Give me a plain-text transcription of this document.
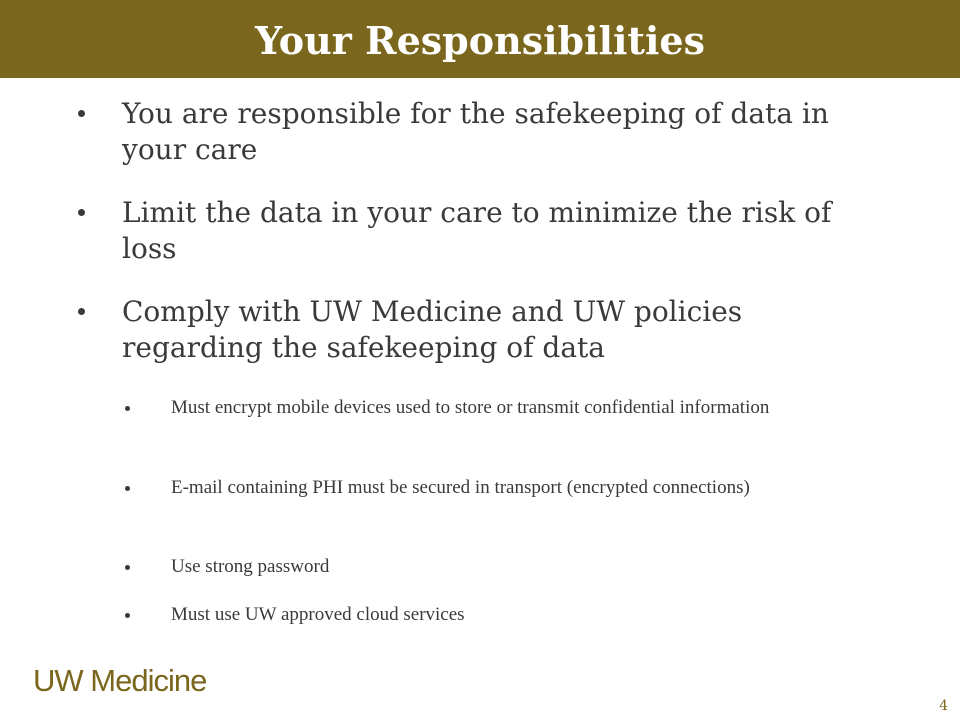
Your Responsibilities
You are responsible for the safekeeping of data in your care
Limit the data in your care to minimize the risk of loss
Comply with UW Medicine and UW policies regarding the safekeeping of data
Must encrypt mobile devices used to store or transmit confidential information
E-mail containing PHI must be secured in transport (encrypted connections)
Use strong password
Must use UW approved cloud services
UW Medicine
4
